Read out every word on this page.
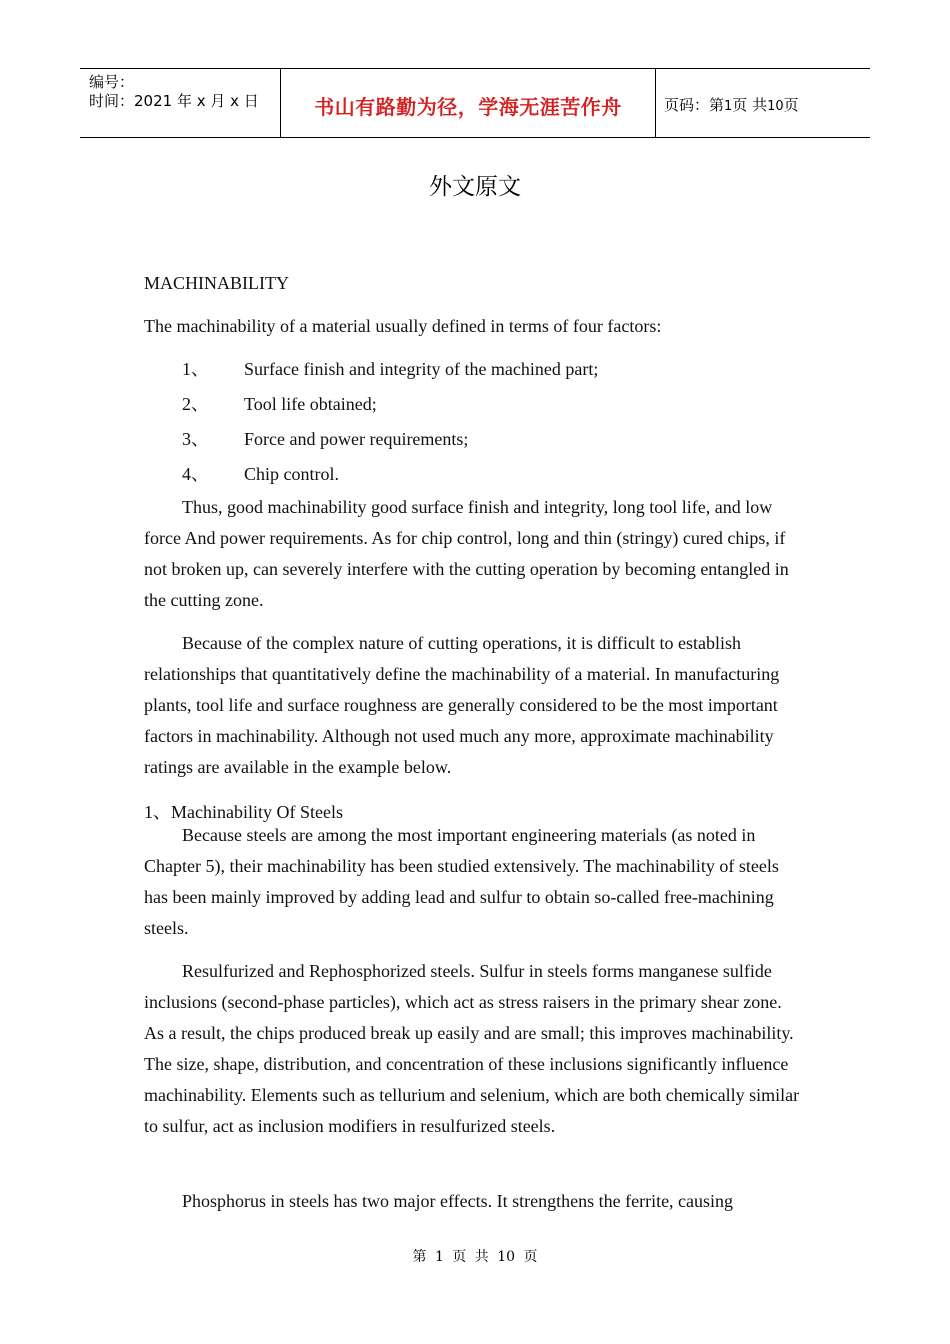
编号：
时间：2021 年 x 月 x 日	书山有路勤为径，学海无涯苦作舟	页码：第1页 共10页
外文原文

MACHINABILITY

The machinability of a material usually defined in terms of four factors:

1、 Surface finish and integrity of the machined part;
2、 Tool life obtained;
3、 Force and power requirements;
4、 Chip control.

Thus, good machinability good surface finish and integrity, long tool life, and low force And power requirements. As for chip control, long and thin (stringy) cured chips, if not broken up, can severely interfere with the cutting operation by becoming entangled in the cutting zone.

Because of the complex nature of cutting operations, it is difficult to establish relationships that quantitatively define the machinability of a material. In manufacturing plants, tool life and surface roughness are generally considered to be the most important factors in machinability. Although not used much any more, approximate machinability ratings are available in the example below.

1、Machinability Of Steels

Because steels are among the most important engineering materials (as noted in Chapter 5), their machinability has been studied extensively. The machinability of steels has been mainly improved by adding lead and sulfur to obtain so-called free-machining steels.

Resulfurized and Rephosphorized steels. Sulfur in steels forms manganese sulfide inclusions (second-phase particles), which act as stress raisers in the primary shear zone. As a result, the chips produced break up easily and are small; this improves machinability. The size, shape, distribution, and concentration of these inclusions significantly influence machinability. Elements such as tellurium and selenium, which are both chemically similar to sulfur, act as inclusion modifiers in resulfurized steels.

Phosphorus in steels has two major effects. It strengthens the ferrite, causing

第 1 页 共 10 页
